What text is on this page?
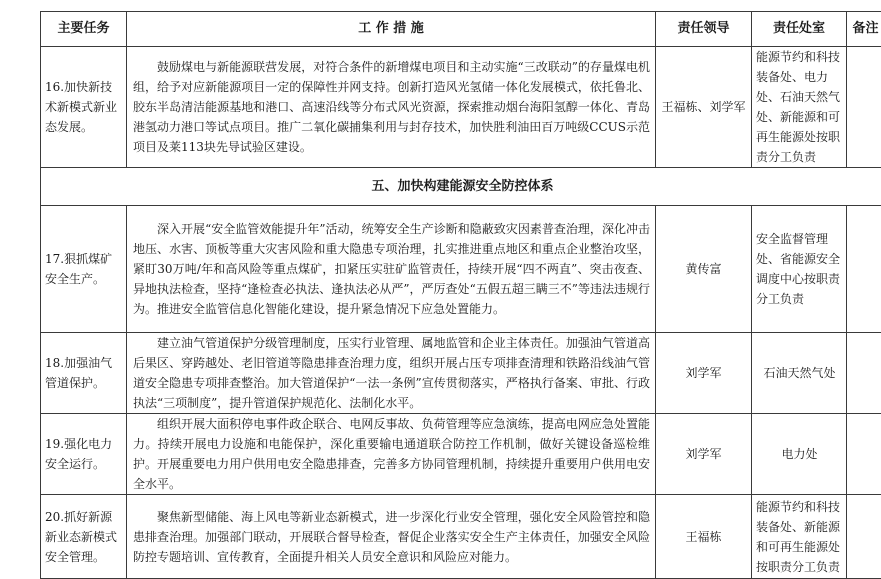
主要任务	工 作 措 施	责任领导	责任处室	备注
16.加快新技术新模式新业态发展。	鼓励煤电与新能源联营发展，对符合条件的新增煤电项目和主动实施“三改联动”的存量煤电机组，给予对应新能源项目一定的保障性并网支持。创新打造风光氢储一体化发展模式，依托鲁北、胶东半岛清洁能源基地和港口、高速沿线等分布式风光资源，探索推动烟台海阳氢醇一体化、青岛港氢动力港口等试点项目。推广二氧化碳捕集利用与封存技术，加快胜利油田百万吨级CCUS示范项目及莱113块先导试验区建设。	王福栋、刘学军	能源节约和科技装备处、电力处、石油天然气处、新能源和可再生能源处按职责分工负责	
五、加快构建能源安全防控体系				
17.狠抓煤矿安全生产。	深入开展“安全监管效能提升年”活动，统筹安全生产诊断和隐蔽致灾因素普查治理，深化冲击地压、水害、顶板等重大灾害风险和重大隐患专项治理，扎实推进重点地区和重点企业整治攻坚，紧盯30万吨/年和高风险等重点煤矿，扣紧压实驻矿监管责任，持续开展“四不两直”、突击夜查、异地执法检查，坚持“逢检查必执法、逢执法必从严”，严厉查处“五假五超三瞒三不”等违法违规行为。推进安全监管信息化智能化建设，提升紧急情况下应急处置能力。	黄传富	安全监督管理处、省能源安全调度中心按职责分工负责	
18.加强油气管道保护。	建立油气管道保护分级管理制度，压实行业管理、属地监管和企业主体责任。加强油气管道高后果区、穿跨越处、老旧管道等隐患排查治理力度，组织开展占压专项排查清理和铁路沿线油气管道安全隐患专项排查整治。加大管道保护“一法一条例”宣传贯彻落实，严格执行备案、审批、行政执法“三项制度”，提升管道保护规范化、法制化水平。	刘学军	石油天然气处	
19.强化电力安全运行。	组织开展大面积停电事件政企联合、电网反事故、负荷管理等应急演练，提高电网应急处置能力。持续开展电力设施和电能保护，深化重要输电通道联合防控工作机制，做好关键设备巡检维护。开展重要电力用户供用电安全隐患排查，完善多方协同管理机制，持续提升重要用户供用电安全水平。	刘学军	电力处	
20.抓好新源新业态新模式安全管理。	聚焦新型储能、海上风电等新业态新模式，进一步深化行业安全管理，强化安全风险管控和隐患排查治理。加强部门联动，开展联合督导检查，督促企业落实安全生产主体责任，加强安全风险防控专题培训、宣传教育，全面提升相关人员安全意识和风险应对能力。	王福栋	能源节约和科技装备处、新能源和可再生能源处按职责分工负责	
